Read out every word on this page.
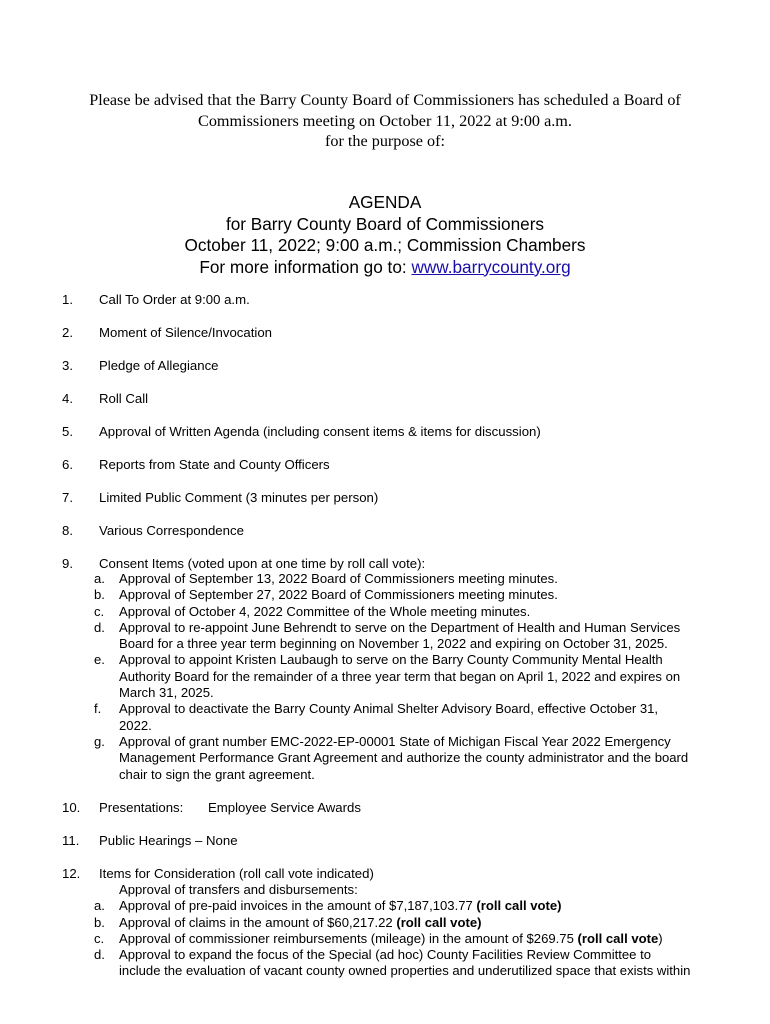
Please be advised that the Barry County Board of Commissioners has scheduled a Board of
Commissioners meeting on October 11, 2022 at 9:00 a.m.
for the purpose of:
AGENDA
for Barry County Board of Commissioners
October 11, 2022; 9:00 a.m.; Commission Chambers
For more information go to: www.barrycounty.org
1. Call To Order at 9:00 a.m.
2. Moment of Silence/Invocation
3. Pledge of Allegiance
4. Roll Call
5. Approval of Written Agenda (including consent items & items for discussion)
6. Reports from State and County Officers
7. Limited Public Comment (3 minutes per person)
8. Various Correspondence
9. Consent Items (voted upon at one time by roll call vote):
a. Approval of September 13, 2022 Board of Commissioners meeting minutes.
b. Approval of September 27, 2022 Board of Commissioners meeting minutes.
c. Approval of October 4, 2022 Committee of the Whole meeting minutes.
d. Approval to re-appoint June Behrendt to serve on the Department of Health and Human Services
Board for a three year term beginning on November 1, 2022 and expiring on October 31, 2025.
e. Approval to appoint Kristen Laubaugh to serve on the Barry County Community Mental Health
Authority Board for the remainder of a three year term that began on April 1, 2022 and expires on
March 31, 2025.
f. Approval to deactivate the Barry County Animal Shelter Advisory Board, effective October 31,
2022.
g. Approval of grant number EMC-2022-EP-00001 State of Michigan Fiscal Year 2022 Emergency
Management Performance Grant Agreement and authorize the county administrator and the board
chair to sign the grant agreement.
10. Presentations: Employee Service Awards
11. Public Hearings – None
12. Items for Consideration (roll call vote indicated)
Approval of transfers and disbursements:
a. Approval of pre-paid invoices in the amount of $7,187,103.77 (roll call vote)
b. Approval of claims in the amount of $60,217.22 (roll call vote)
c. Approval of commissioner reimbursements (mileage) in the amount of $269.75 (roll call vote)
d. Approval to expand the focus of the Special (ad hoc) County Facilities Review Committee to
include the evaluation of vacant county owned properties and underutilized space that exists within
